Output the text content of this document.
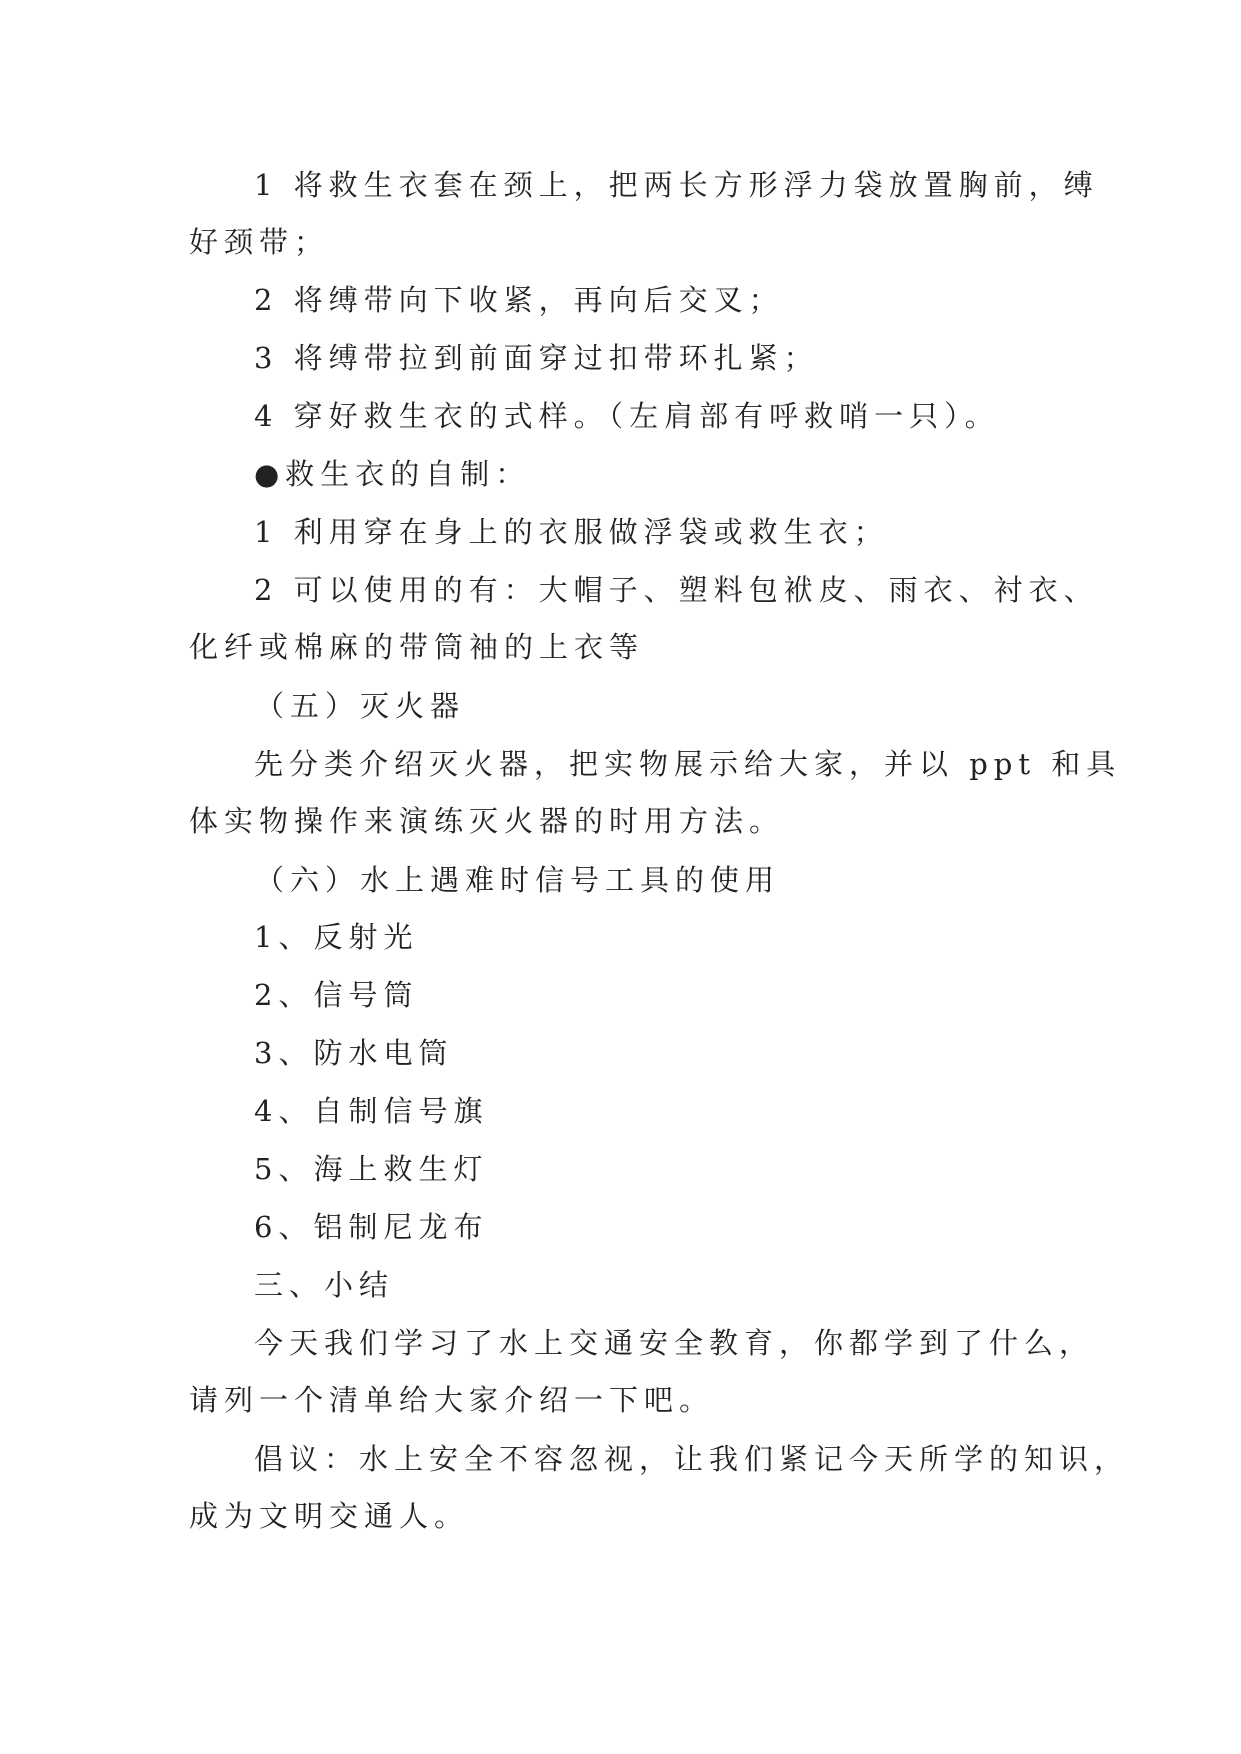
1 将救生衣套在颈上，把两长方形浮力袋放置胸前，缚
好颈带；
2 将缚带向下收紧，再向后交叉；
3 将缚带拉到前面穿过扣带环扎紧；
4 穿好救生衣的式样。（左肩部有呼救哨一只）。
●救生衣的自制：
1 利用穿在身上的衣服做浮袋或救生衣；
2 可以使用的有：大帽子、塑料包袱皮、雨衣、衬衣、
化纤或棉麻的带筒袖的上衣等
（五）灭火器
先分类介绍灭火器，把实物展示给大家，并以 ppt 和具
体实物操作来演练灭火器的时用方法。
（六）水上遇难时信号工具的使用
1、反射光
2、信号筒
3、防水电筒
4、自制信号旗
5、海上救生灯
6、铝制尼龙布
三、小结
今天我们学习了水上交通安全教育，你都学到了什么，
请列一个清单给大家介绍一下吧。
倡议：水上安全不容忽视，让我们紧记今天所学的知识，
成为文明交通人。
